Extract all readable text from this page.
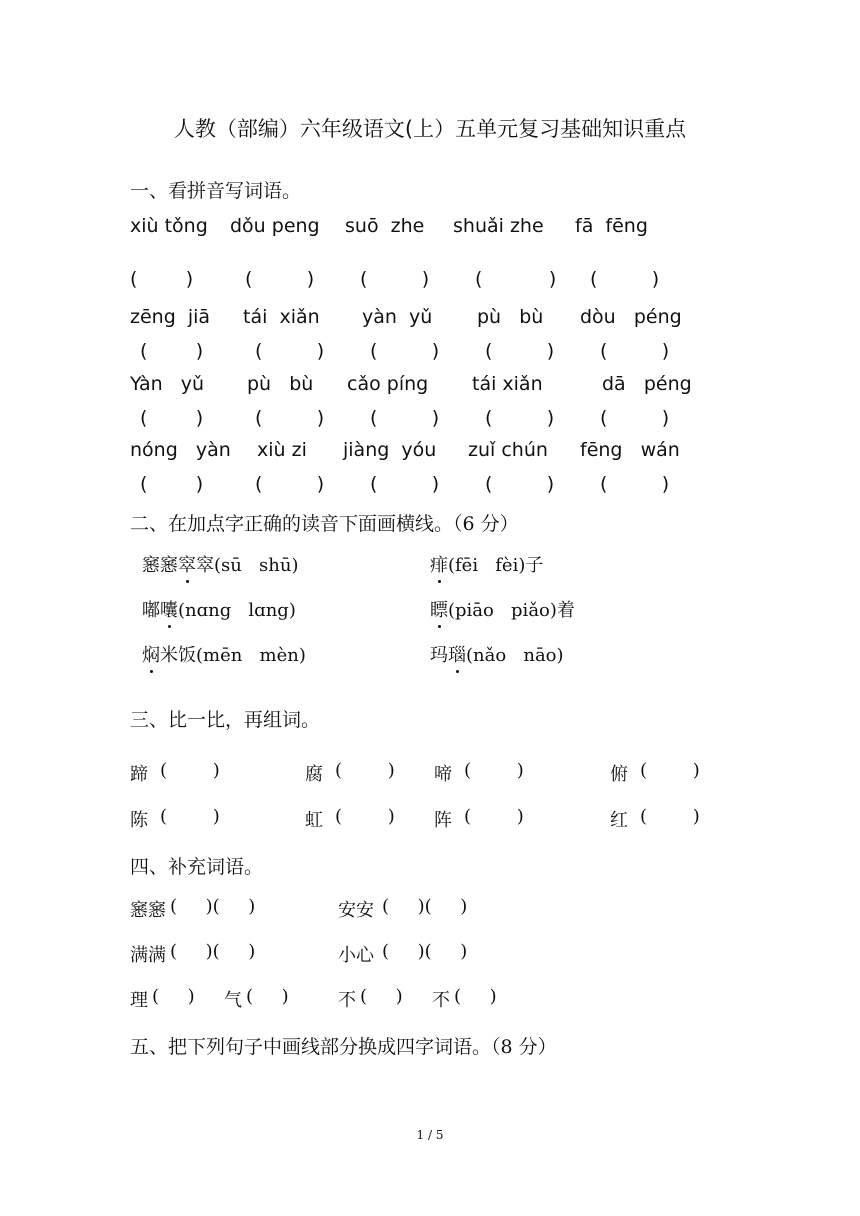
人教（部编）六年级语文(上）五单元复习基础知识重点
一、看拼音写词语。
xiù tǒng dǒu peng suō  zhe shuǎi zhe fā  fēng
(        )	(         ) (         ) (           ) (         )
zēng  jiā tái  xiǎn yàn  yǔ pù   bù dòu   péng
(        )	(         ) (         ) (         ) (         )
Yàn   yǔ pù   bù cǎo píng tái xiǎn	dā   péng
(        )	(         ) (         ) (         ) (         )
nóng   yàn xiù zi jiàng  yóu zuǐ chún fēng   wán
(        )	(         ) (         ) (         ) (         )
二、在加点字正确的读音下面画横线。（6 分）
窸窸窣窣(sū   shū)	痱(fēi   fèi)子
嘟囔(nɑng   lɑng)	瞟(piāo   piǎo)着
焖米饭(mēn   mèn)	玛瑙(nǎo   nāo)
三、比一比，再组词。
蹄 (        )	腐 (        ) 啼 (        )	俯 (        )
陈 (        )	虹 (        ) 阵 (        )	红 (        )
四、补充词语。
窸窸 (     )(     )	安安 (     )(     )
满满 (     )(     )	小心 (     )(     )
理 (     ) 气 (     )	不 (     ) 不 (     )
五、把下列句子中画线部分换成四字词语。（8 分）
1 / 5
